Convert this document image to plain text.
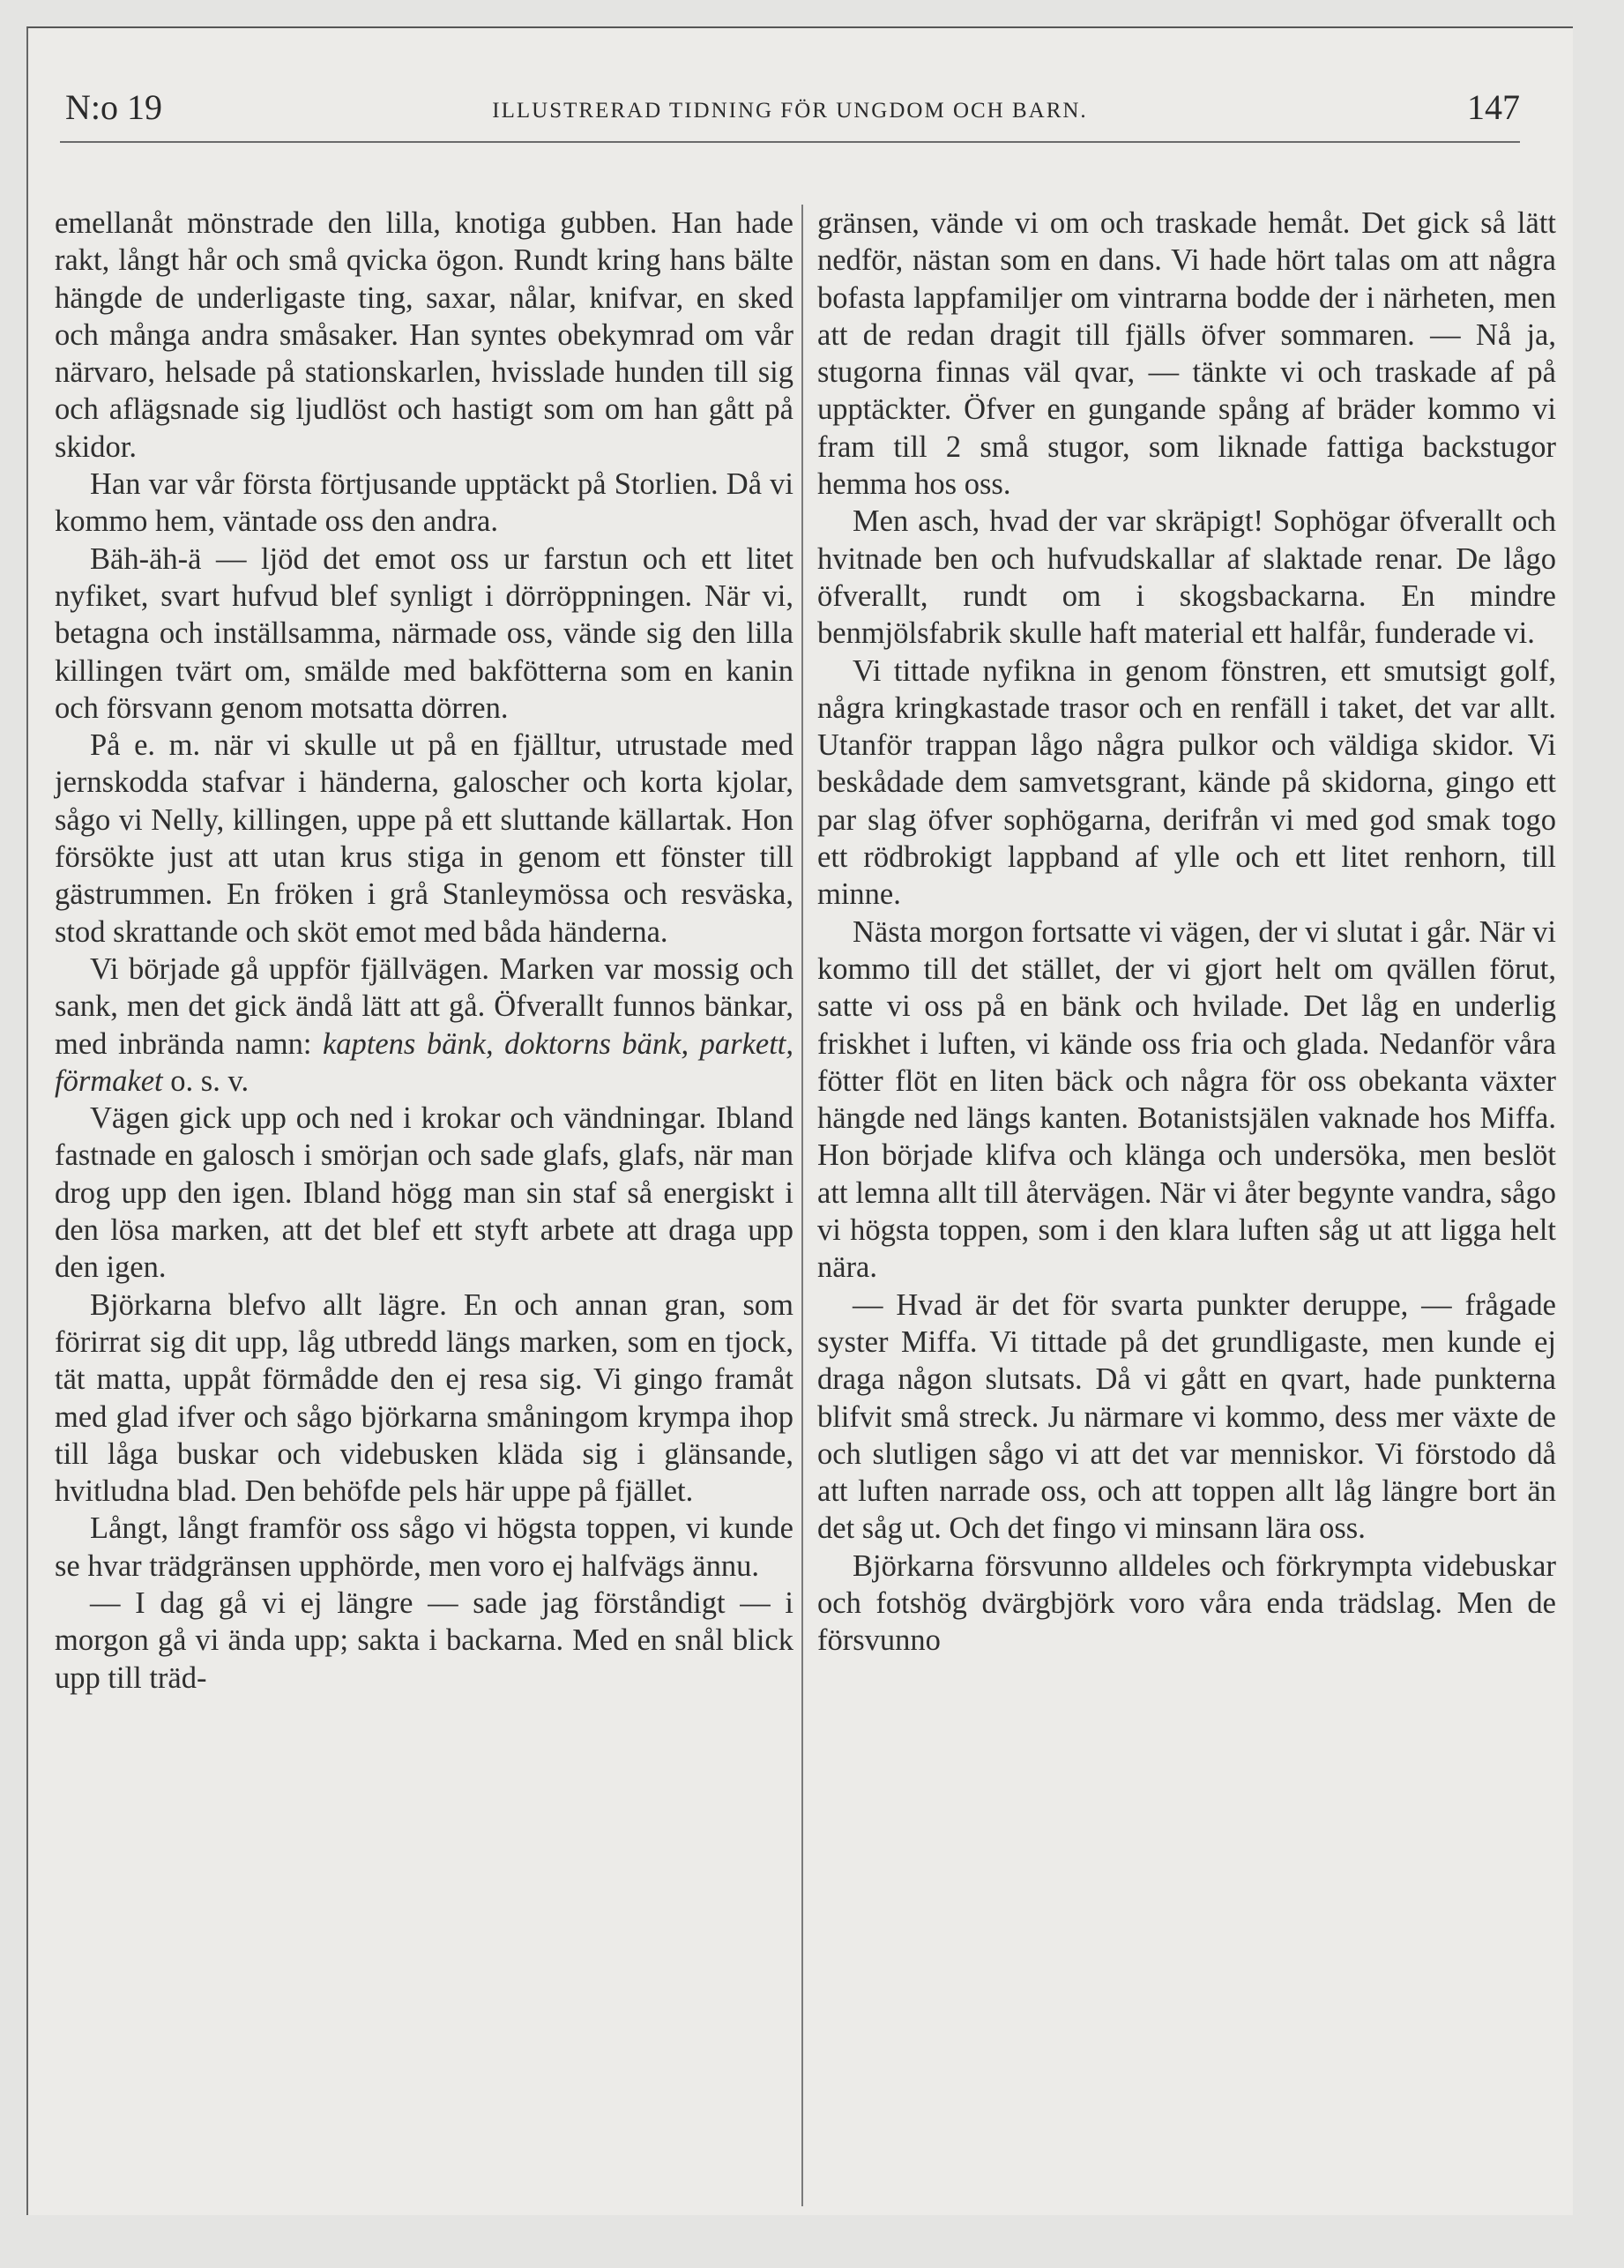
N:o 19	ILLUSTRERAD TIDNING FÖR UNGDOM OCH BARN.	147

emellanåt mönstrade den lilla, knotiga gubben. Han hade rakt, långt hår och små qvicka ögon. Rundt kring hans bälte hängde de underligaste ting, saxar, nålar, knifvar, en sked och många andra småsaker. Han syntes obekymrad om vår närvaro, helsade på stationskarlen, hvisslade hunden till sig och aflägsnade sig ljudlöst och hastigt som om han gått på skidor.

Han var vår första förtjusande upptäckt på Storlien. Då vi kommo hem, väntade oss den andra.

Bäh-äh-ä — ljöd det emot oss ur farstun och ett litet nyfiket, svart hufvud blef synligt i dörröppningen. När vi, betagna och inställsamma, närmade oss, vände sig den lilla killingen tvärt om, smälde med bakfötterna som en kanin och försvann genom motsatta dörren.

På e. m. när vi skulle ut på en fjälltur, utrustade med jernskodda stafvar i händerna, galoscher och korta kjolar, sågo vi Nelly, killingen, uppe på ett sluttande källartak. Hon försökte just att utan krus stiga in genom ett fönster till gästrummen. En fröken i grå Stanleymössa och resväska, stod skrattande och sköt emot med båda händerna.

Vi började gå uppför fjällvägen. Marken var mossig och sank, men det gick ändå lätt att gå. Öfverallt funnos bänkar, med inbrända namn: kaptens bänk, doktorns bänk, parkett, förmaket o. s. v.

Vägen gick upp och ned i krokar och vändningar. Ibland fastnade en galosch i smörjan och sade glafs, glafs, när man drog upp den igen. Ibland högg man sin staf så energiskt i den lösa marken, att det blef ett styft arbete att draga upp den igen.

Björkarna blefvo allt lägre. En och annan gran, som förirrat sig dit upp, låg utbredd längs marken, som en tjock, tät matta, uppåt förmådde den ej resa sig. Vi gingo framåt med glad ifver och sågo björkarna småningom krympa ihop till låga buskar och videbusken kläda sig i glänsande, hvitludna blad. Den behöfde pels här uppe på fjället.

Långt, långt framför oss sågo vi högsta toppen, vi kunde se hvar trädgränsen upphörde, men voro ej halfvägs ännu.

— I dag gå vi ej längre — sade jag förståndigt — i morgon gå vi ända upp; sakta i backarna. Med en snål blick upp till träd-

gränsen, vände vi om och traskade hemåt. Det gick så lätt nedför, nästan som en dans. Vi hade hört talas om att några bofasta lappfamiljer om vintrarna bodde der i närheten, men att de redan dragit till fjälls öfver sommaren. — Nå ja, stugorna finnas väl qvar, — tänkte vi och traskade af på upptäckter. Öfver en gungande spång af bräder kommo vi fram till 2 små stugor, som liknade fattiga backstugor hemma hos oss.

Men asch, hvad der var skräpigt! Sophögar öfverallt och hvitnade ben och hufvudskallar af slaktade renar. De lågo öfverallt, rundt om i skogsbackarna. En mindre benmjölsfabrik skulle haft material ett halfår, funderade vi.

Vi tittade nyfikna in genom fönstren, ett smutsigt golf, några kringkastade trasor och en renfäll i taket, det var allt. Utanför trappan lågo några pulkor och väldiga skidor. Vi beskådade dem samvetsgrant, kände på skidorna, gingo ett par slag öfver sophögarna, derifrån vi med god smak togo ett rödbrokigt lappband af ylle och ett litet renhorn, till minne.

Nästa morgon fortsatte vi vägen, der vi slutat i går. När vi kommo till det stället, der vi gjort helt om qvällen förut, satte vi oss på en bänk och hvilade. Det låg en underlig friskhet i luften, vi kände oss fria och glada. Nedanför våra fötter flöt en liten bäck och några för oss obekanta växter hängde ned längs kanten. Botanistsjälen vaknade hos Miffa. Hon började klifva och klänga och undersöka, men beslöt att lemna allt till återvägen. När vi åter begynte vandra, sågo vi högsta toppen, som i den klara luften såg ut att ligga helt nära.

— Hvad är det för svarta punkter deruppe, — frågade syster Miffa. Vi tittade på det grundligaste, men kunde ej draga någon slutsats. Då vi gått en qvart, hade punkterna blifvit små streck. Ju närmare vi kommo, dess mer växte de och slutligen sågo vi att det var menniskor. Vi förstodo då att luften narrade oss, och att toppen allt låg längre bort än det såg ut. Och det fingo vi minsann lära oss.

Björkarna försvunno alldeles och förkrympta videbuskar och fotshög dvärgbjörk voro våra enda trädslag. Men de försvunno
